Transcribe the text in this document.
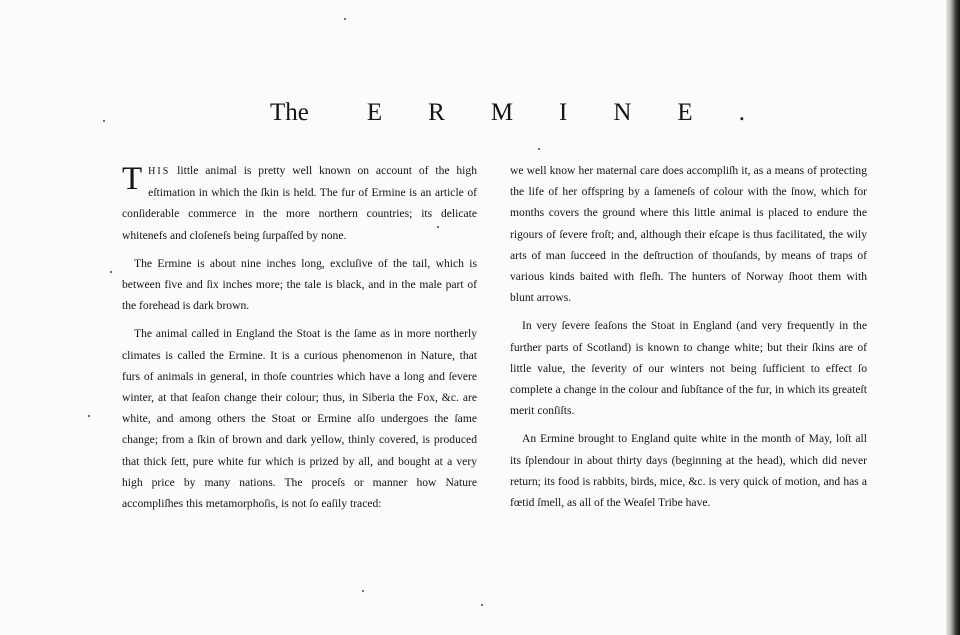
The ERMINE.

THIS little animal is pretty well known on account of the high eſtimation in which the ſkin is held. The fur of Ermine is an article of conſiderable commerce in the more northern countries; its delicate whitenefs and cloſeneſs being ſurpaſſed by none.

The Ermine is about nine inches long, excluſive of the tail, which is between five and ſix inches more; the tale is black, and in the male part of the forehead is dark brown.

The animal called in England the Stoat is the ſame as in more northerly climates is called the Ermine. It is a curious phenomenon in Nature, that furs of animals in general, in thoſe countries which have a long and ſevere winter, at that ſeaſon change their colour; thus, in Siberia the Fox, &c. are white, and among others the Stoat or Ermine alſo undergoes the ſame change; from a ſkin of brown and dark yellow, thinly covered, is produced that thick ſett, pure white fur which is prized by all, and bought at a very high price by many nations. The proceſs or manner how Nature accompliſhes this metamorphoſis, is not ſo eaſily traced:

we well know her maternal care does accompliſh it, as a means of protecting the life of her offspring by a ſameneſs of colour with the ſnow, which for months covers the ground where this little animal is placed to endure the rigours of ſevere froſt; and, although their eſcape is thus facilitated, the wily arts of man ſucceed in the deſtruction of thouſands, by means of traps of various kinds baited with fleſh. The hunters of Norway ſhoot them with blunt arrows.

In very ſevere ſeaſons the Stoat in England (and very frequently in the further parts of Scotland) is known to change white; but their ſkins are of little value, the ſeverity of our winters not being ſufficient to effect ſo complete a change in the colour and ſubſtance of the fur, in which its greateſt merit conſiſts.

An Ermine brought to England quite white in the month of May, loſt all its ſplendour in about thirty days (beginning at the head), which did never return; its food is rabbits, birds, mice, &c. is very quick of motion, and has a fœtid ſmell, as all of the Weaſel Tribe have.
